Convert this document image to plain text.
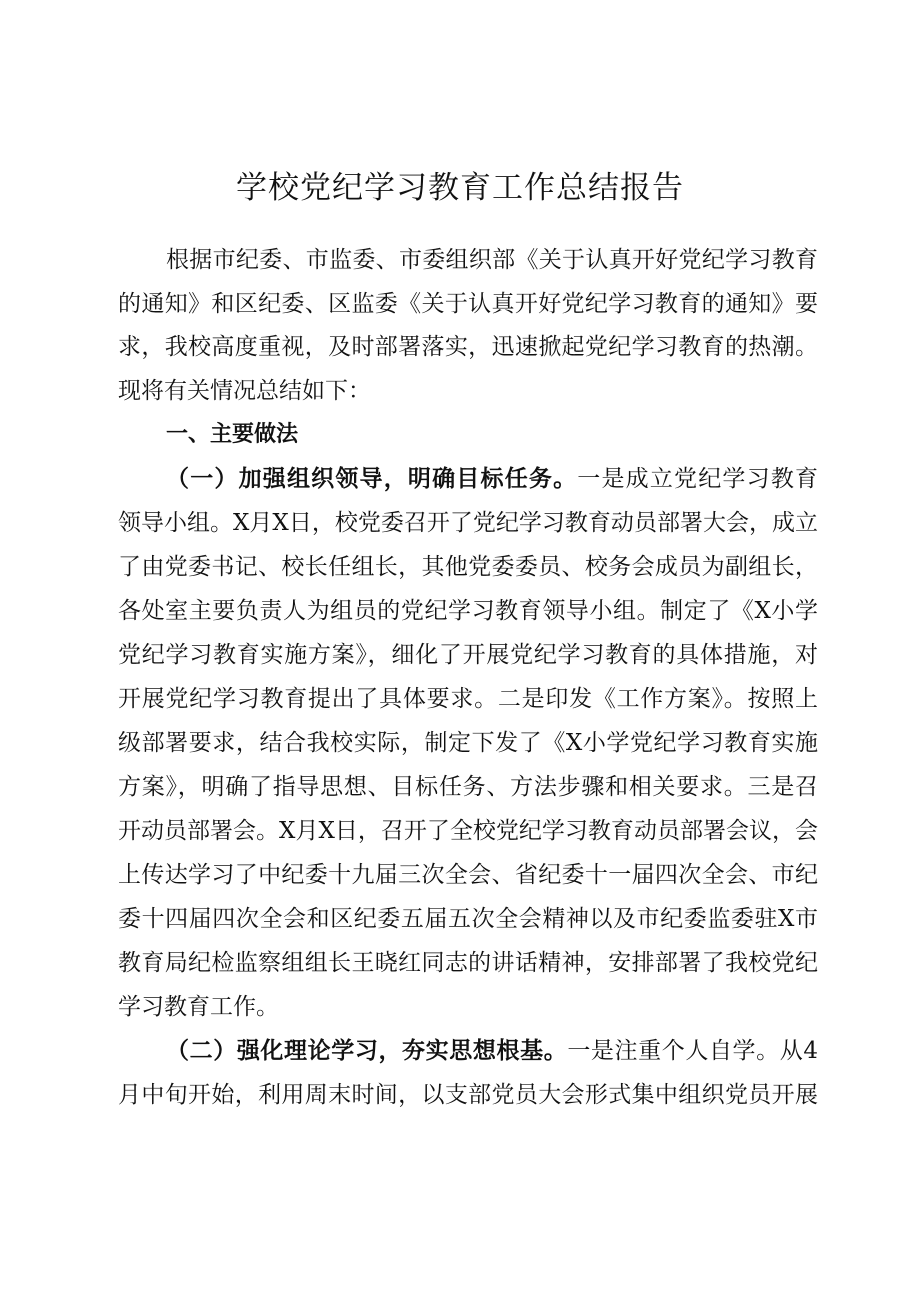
学校党纪学习教育工作总结报告

根据市纪委、市监委、市委组织部《关于认真开好党纪学习教育

的通知》和区纪委、区监委《关于认真开好党纪学习教育的通知》要

求，我校高度重视，及时部署落实，迅速掀起党纪学习教育的热潮。

现将有关情况总结如下：

一、主要做法

（一）加强组织领导，明确目标任务。一是成立党纪学习教育

领导小组。X月X日，校党委召开了党纪学习教育动员部署大会，成立

了由党委书记、校长任组长，其他党委委员、校务会成员为副组长，

各处室主要负责人为组员的党纪学习教育领导小组。制定了《X小学

党纪学习教育实施方案》，细化了开展党纪学习教育的具体措施，对

开展党纪学习教育提出了具体要求。二是印发《工作方案》。按照上

级部署要求，结合我校实际，制定下发了《X小学党纪学习教育实施

方案》，明确了指导思想、目标任务、方法步骤和相关要求。三是召

开动员部署会。X月X日，召开了全校党纪学习教育动员部署会议，会

上传达学习了中纪委十九届三次全会、省纪委十一届四次全会、市纪

委十四届四次全会和区纪委五届五次全会精神以及市纪委监委驻X市

教育局纪检监察组组长王晓红同志的讲话精神，安排部署了我校党纪

学习教育工作。

（二）强化理论学习，夯实思想根基。一是注重个人自学。从4

月中旬开始，利用周末时间，以支部党员大会形式集中组织党员开展
